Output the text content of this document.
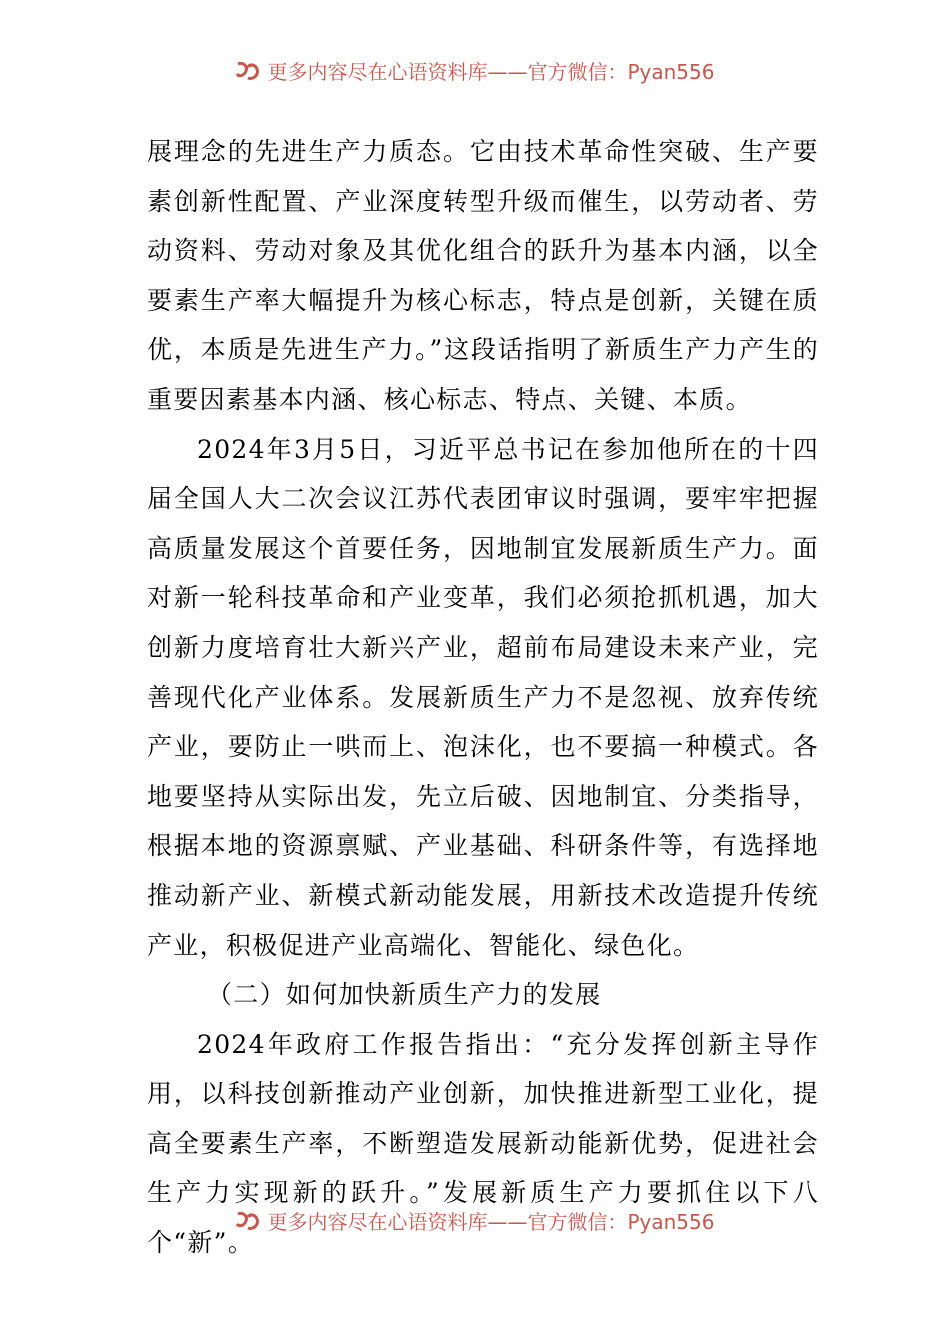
更多内容尽在心语资料库——官方微信：Pyan556

展理念的先进生产力质态。它由技术革命性突破、生产要素创新性配置、产业深度转型升级而催生，以劳动者、劳动资料、劳动对象及其优化组合的跃升为基本内涵，以全要素生产率大幅提升为核心标志，特点是创新，关键在质优，本质是先进生产力。”这段话指明了新质生产力产生的重要因素基本内涵、核心标志、特点、关键、本质。

2024年3月5日，习近平总书记在参加他所在的十四届全国人大二次会议江苏代表团审议时强调，要牢牢把握高质量发展这个首要任务，因地制宜发展新质生产力。面对新一轮科技革命和产业变革，我们必须抢抓机遇，加大创新力度培育壮大新兴产业，超前布局建设未来产业，完善现代化产业体系。发展新质生产力不是忽视、放弃传统产业，要防止一哄而上、泡沫化，也不要搞一种模式。各地要坚持从实际出发，先立后破、因地制宜、分类指导，根据本地的资源禀赋、产业基础、科研条件等，有选择地推动新产业、新模式新动能发展，用新技术改造提升传统产业，积极促进产业高端化、智能化、绿色化。

（二）如何加快新质生产力的发展

2024年政府工作报告指出：“充分发挥创新主导作用，以科技创新推动产业创新，加快推进新型工业化，提高全要素生产率，不断塑造发展新动能新优势，促进社会生产力实现新的跃升。”发展新质生产力要抓住以下八个“新”。

更多内容尽在心语资料库——官方微信：Pyan556
